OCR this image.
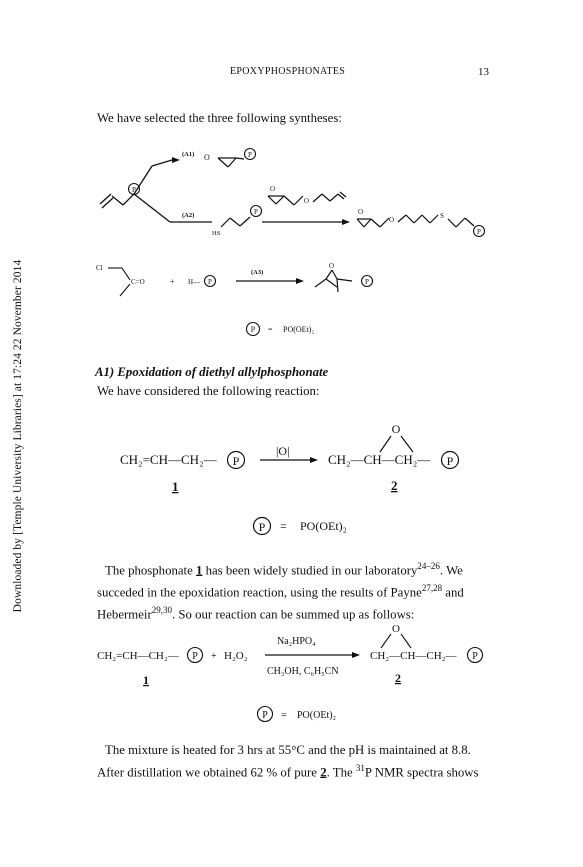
Downloaded by [Temple University Libraries] at 17:24 22 November 2014
EPOXYPHOSPHONATES	13
We have selected the three following syntheses:
P
(A1) O	P
(A2)
HS
P
O
O
O
O	S
P
Cl
C=O	+ H— P
(A3)
O
P
P = PO(OEt)₂
A1) Epoxidation of diethyl allylphosphonate
We have considered the following reaction:
CH₂=CH—CH₂— P
|O|
O
CH₂—CH—CH₂— P
1	2
P = PO(OEt)₂
The phosphonate 1 has been widely studied in our laboratory$^{24-26}$. We succeded in the epoxidation reaction, using the results of Payne$^{27,28}$ and Hebermeir$^{29,30}$. So our reaction can be summed up as follows:
CH₂=CH—CH₂— P + H₂O₂
Na₂HPO₄
CH₃OH, C₆H₅CN
O
CH₂—CH—CH₂— P
1	2
P = PO(OEt)₂
The mixture is heated for 3 hrs at 55°C and the pH is maintained at 8.8. After distillation we obtained 62 % of pure 2. The $^{31}$P NMR spectra shows
